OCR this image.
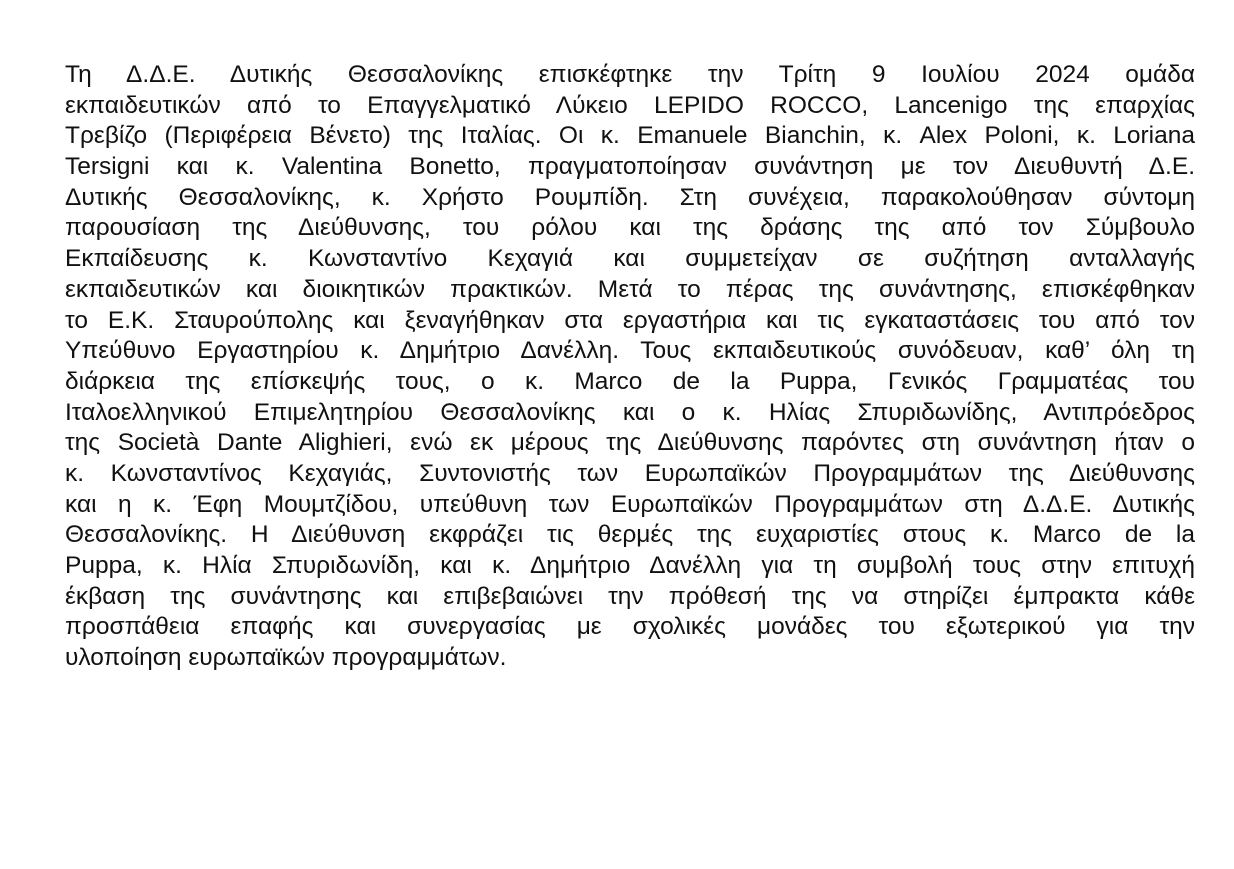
Τη Δ.Δ.Ε. Δυτικής Θεσσαλονίκης επισκέφτηκε την Τρίτη 9 Ιουλίου 2024 ομάδα
εκπαιδευτικών από το Επαγγελματικό Λύκειο LEPIDO ROCCO, Lancenigo της επαρχίας
Τρεβίζο (Περιφέρεια Βένετο) της Ιταλίας. Οι κ. Emanuele Bianchin, κ. Alex Poloni, κ. Loriana
Tersigni και κ. Valentina Bonetto, πραγματοποίησαν συνάντηση με τον Διευθυντή Δ.Ε.
Δυτικής Θεσσαλονίκης, κ. Χρήστο Ρουμπίδη. Στη συνέχεια, παρακολούθησαν σύντομη
παρουσίαση της Διεύθυνσης, του ρόλου και της δράσης της από τον Σύμβουλο
Εκπαίδευσης κ. Κωνσταντίνο Κεχαγιά και συμμετείχαν σε συζήτηση ανταλλαγής
εκπαιδευτικών και διοικητικών πρακτικών. Μετά το πέρας της συνάντησης, επισκέφθηκαν
το Ε.Κ. Σταυρούπολης και ξεναγήθηκαν στα εργαστήρια και τις εγκαταστάσεις του από τον
Υπεύθυνο Εργαστηρίου κ. Δημήτριο Δανέλλη. Τους εκπαιδευτικούς συνόδευαν, καθ’ όλη τη
διάρκεια της επίσκεψής τους, ο κ. Marco de la Puppa, Γενικός Γραμματέας του
Ιταλοελληνικού Επιμελητηρίου Θεσσαλονίκης και ο κ. Ηλίας Σπυριδωνίδης, Αντιπρόεδρος
της Società Dante Alighieri, ενώ εκ μέρους της Διεύθυνσης παρόντες στη συνάντηση ήταν ο
κ. Κωνσταντίνος Κεχαγιάς, Συντονιστής των Ευρωπαϊκών Προγραμμάτων της Διεύθυνσης
και η κ. Έφη Μουμτζίδου, υπεύθυνη των Ευρωπαϊκών Προγραμμάτων στη Δ.Δ.Ε. Δυτικής
Θεσσαλονίκης. Η Διεύθυνση εκφράζει τις θερμές της ευχαριστίες στους κ. Marco de la
Puppa, κ. Ηλία Σπυριδωνίδη, και κ. Δημήτριο Δανέλλη για τη συμβολή τους στην επιτυχή
έκβαση της συνάντησης και επιβεβαιώνει την πρόθεσή της να στηρίζει έμπρακτα κάθε
προσπάθεια επαφής και συνεργασίας με σχολικές μονάδες του εξωτερικού για την
υλοποίηση ευρωπαϊκών προγραμμάτων.
